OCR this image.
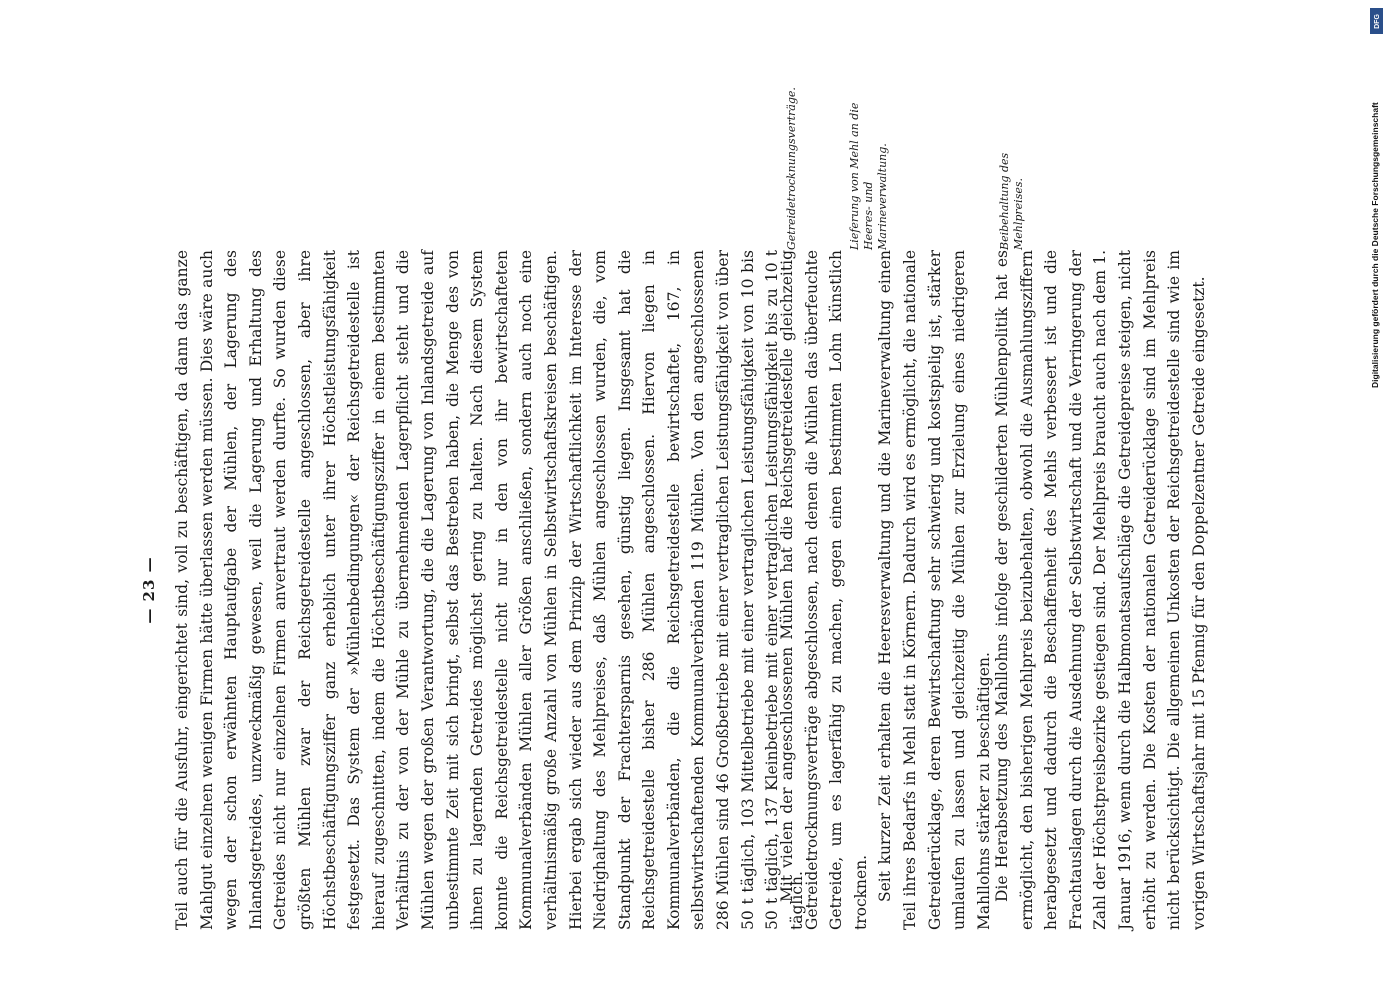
— 23 — Teil auch für die Ausfuhr, eingerichtet sind, voll zu beschäftigen, da dann das ganze Mahlgut einzelnen wenigen Firmen hätte überlassen werden müssen. Dies wäre auch wegen der schon erwähnten Hauptaufgabe der Mühlen, der Lagerung des Inlandsgetreides, unzweckmäßig gewesen, weil die Lagerung und Erhaltung des Getreides nicht nur einzelnen Firmen anvertraut werden durfte. So wurden diese größten Mühlen zwar der Reichsgetreidestelle angeschlossen, aber ihre Höchstbeschäftigungsziffer ganz erheblich unter ihrer Höchstleistungsfähigkeit festgesetzt. Das System der »Mühlenbedingungen« der Reichsgetreidestelle ist hierauf zugeschnitten, indem die Höchstbeschäftigungsziffer in einem bestimmten Verhältnis zu der von der Mühle zu übernehmenden Lagerpflicht steht und die Mühlen wegen der großen Verantwortung, die die Lagerung von Inlandsgetreide auf unbestimmte Zeit mit sich bringt, selbst das Bestreben haben, die Menge des von ihnen zu lagernden Getreides möglichst gering zu halten. Nach diesem System konnte die Reichsgetreidestelle nicht nur in den von ihr bewirtschafteten Kommunalverbänden Mühlen aller Größen anschließen, sondern auch noch eine verhältnismäßig große Anzahl von Mühlen in Selbstwirtschaftskreisen beschäftigen. Hierbei ergab sich wieder aus dem Prinzip der Wirtschaftlichkeit im Interesse der Niedrighaltung des Mehlpreises, daß Mühlen angeschlossen wurden, die, vom Standpunkt der Frachtersparnis gesehen, günstig liegen. Insgesamt hat die Reichsgetreidestelle bisher 286 Mühlen angeschlossen. Hiervon liegen in Kommunalverbänden, die die Reichsgetreidestelle bewirtschaftet, 167, in selbstwirtschaftenden Kommunalverbänden 119 Mühlen. Von den angeschlossenen 286 Mühlen sind 46 Großbetriebe mit einer vertraglichen Leistungsfähigkeit von über 50 t täglich, 103 Mittelbetriebe mit einer vertraglichen Leistungsfähigkeit von 10 bis 50 t täglich, 137 Kleinbetriebe mit einer vertraglichen Leistungsfähigkeit bis zu 10 t täglich.

Mit vielen der angeschlossenen Mühlen hat die Reichsgetreidestelle gleichzeitig Getreidetrocknungsverträge abgeschlossen, nach denen die Mühlen das überfeuchte Getreide, um es lagerfähig zu machen, gegen einen bestimmten Lohn künstlich trocknen. Seit kurzer Zeit erhalten die Heeresverwaltung und die Marineverwaltung einen Teil ihres Bedarfs in Mehl statt in Körnern. Dadurch wird es ermöglicht, die nationale Getreiderücklage, deren Bewirtschaftung sehr schwierig und kostspielig ist, stärker umlaufen zu lassen und gleichzeitig die Mühlen zur Erzielung eines niedrigeren Mahllohns stärker zu beschäftigen. Die Herabsetzung des Mahllohns infolge der geschilderten Mühlenpolitik hat es ermöglicht, den bisherigen Mehlpreis beizubehalten, obwohl die Ausmahlungsziffern herabgesetzt und dadurch die Beschaffenheit des Mehls verbessert ist und die Frachtauslagen durch die Ausdehnung der Selbstwirtschaft und die Verringerung der Zahl der Höchstpreisbezirke gestiegen sind. Der Mehlpreis braucht auch nach dem 1. Januar 1916, wenn durch die Halbmonatsaufschläge die Getreidepreise steigen, nicht erhöht zu werden. Die Kosten der nationalen Getreiderücklage sind im Mehlpreis nicht berücksichtigt. Die allgemeinen Unkosten der Reichsgetreidestelle sind wie im vorigen Wirtschaftsjahr mit 15 Pfennig für den Doppelzentner Getreide eingesetzt.

Getreidetrocknungsverträge.	Lieferung von Mehl an die Heeres- und Marineverwaltung.	Beibehaltung des Mehlpreises.
DFG
Digitalisierung gefördert durch die Deutsche Forschungsgemeinschaft
